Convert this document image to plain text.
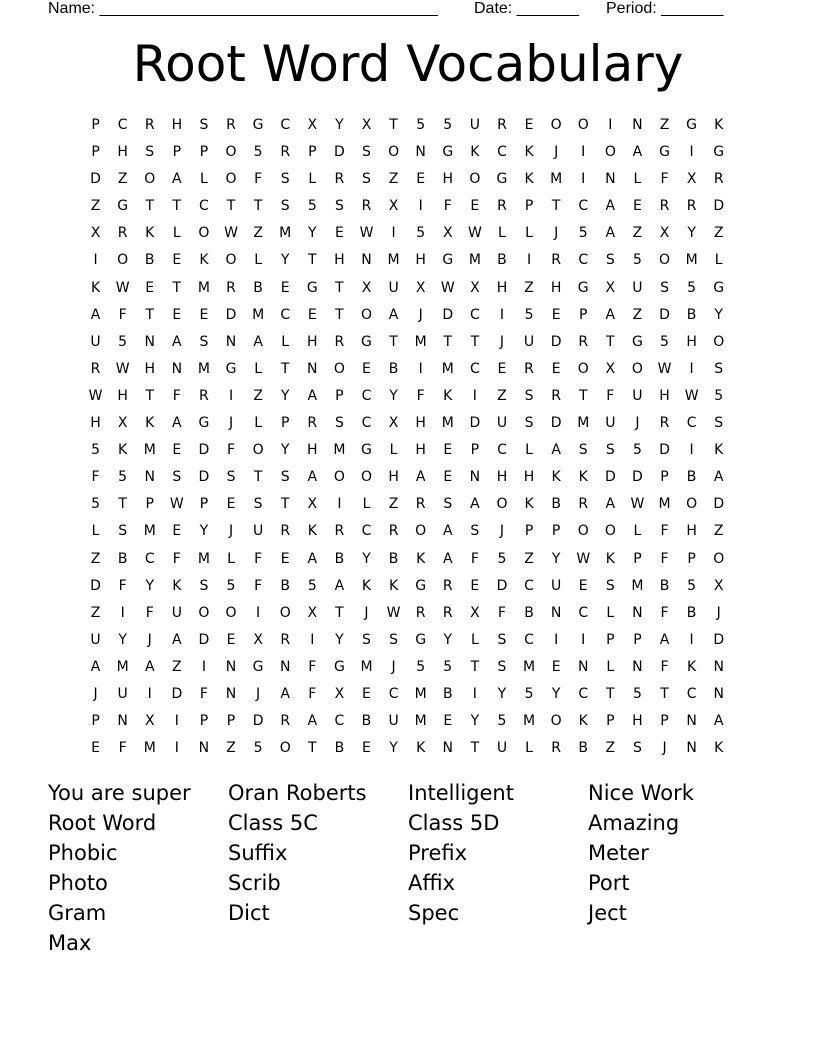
Name: ______________________________________

Date: _______

Period: _______

Root Word Vocabulary
P	C	R	H	S	R	G	C	X	Y	X	T	5	5	U	R	E	O	O	I	N	Z	G	K
P	H	S	P	P	O	5	R	P	D	S	O	N	G	K	C	K	J	I	O	A	G	I	G
D	Z	O	A	L	O	F	S	L	R	S	Z	E	H	O	G	K	M	I	N	L	F	X	R
Z	G	T	T	C	T	T	S	5	S	R	X	I	F	E	R	P	T	C	A	E	R	R	D
X	R	K	L	O	W	Z	M	Y	E	W	I	5	X	W	L	L	J	5	A	Z	X	Y	Z
I	O	B	E	K	O	L	Y	T	H	N	M	H	G	M	B	I	R	C	S	5	O	M	L
K	W	E	T	M	R	B	E	G	T	X	U	X	W	X	H	Z	H	G	X	U	S	5	G
A	F	T	E	E	D	M	C	E	T	O	A	J	D	C	I	5	E	P	A	Z	D	B	Y
U	5	N	A	S	N	A	L	H	R	G	T	M	T	T	J	U	D	R	T	G	5	H	O
R	W	H	N	M	G	L	T	N	O	E	B	I	M	C	E	R	E	O	X	O	W	I	S
W	H	T	F	R	I	Z	Y	A	P	C	Y	F	K	I	Z	S	R	T	F	U	H	W	5
H	X	K	A	G	J	L	P	R	S	C	X	H	M	D	U	S	D	M	U	J	R	C	S
5	K	M	E	D	F	O	Y	H	M	G	L	H	E	P	C	L	A	S	S	5	D	I	K
F	5	N	S	D	S	T	S	A	O	O	H	A	E	N	H	H	K	K	D	D	P	B	A
5	T	P	W	P	E	S	T	X	I	L	Z	R	S	A	O	K	B	R	A	W	M	O	D
L	S	M	E	Y	J	U	R	K	R	C	R	O	A	S	J	P	P	O	O	L	F	H	Z
Z	B	C	F	M	L	F	E	A	B	Y	B	K	A	F	5	Z	Y	W	K	P	F	P	O
D	F	Y	K	S	5	F	B	5	A	K	K	G	R	E	D	C	U	E	S	M	B	5	X
Z	I	F	U	O	O	I	O	X	T	J	W	R	R	X	F	B	N	C	L	N	F	B	J
U	Y	J	A	D	E	X	R	I	Y	S	S	G	Y	L	S	C	I	I	P	P	A	I	D
A	M	A	Z	I	N	G	N	F	G	M	J	5	5	T	S	M	E	N	L	N	F	K	N
J	U	I	D	F	N	J	A	F	X	E	C	M	B	I	Y	5	Y	C	T	5	T	C	N
P	N	X	I	P	P	D	R	A	C	B	U	M	E	Y	5	M	O	K	P	H	P	N	A
E	F	M	I	N	Z	5	O	T	B	E	Y	K	N	T	U	L	R	B	Z	S	J	N	K
You are super	Oran Roberts	Intelligent	Nice Work
Root Word	Class 5C	Class 5D	Amazing
Phobic	Suffix	Prefix	Meter
Photo	Scrib	Affix	Port
Gram	Dict	Spec	Ject
Max
